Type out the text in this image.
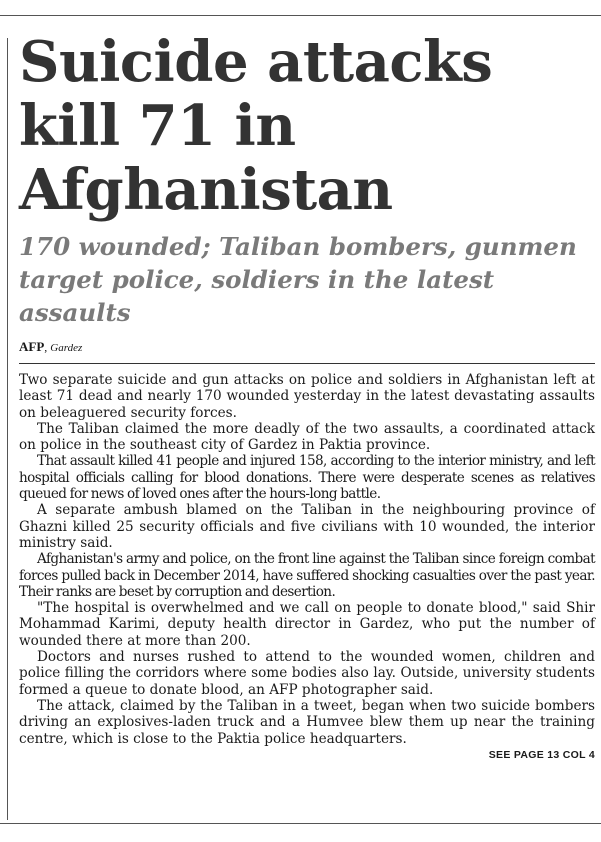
Suicide attacks kill 71 in Afghanistan
170 wounded; Taliban bombers, gunmen target police, soldiers in the latest assaults
AFP, Gardez

Two separate suicide and gun attacks on police and soldiers in Afghanistan left at least 71 dead and nearly 170 wounded yesterday in the latest devastating assaults on beleaguered security forces.

The Taliban claimed the more deadly of the two assaults, a coordinated attack on police in the southeast city of Gardez in Paktia province.

That assault killed 41 people and injured 158, according to the interior ministry, and left hospital officials calling for blood donations. There were desperate scenes as relatives queued for news of loved ones after the hours-long battle.

A separate ambush blamed on the Taliban in the neighbouring province of Ghazni killed 25 security officials and five civilians with 10 wounded, the interior ministry said.

Afghanistan's army and police, on the front line against the Taliban since foreign combat forces pulled back in December 2014, have suffered shocking casualties over the past year. Their ranks are beset by corruption and desertion.

"The hospital is overwhelmed and we call on people to donate blood," said Shir Mohammad Karimi, deputy health director in Gardez, who put the number of wounded there at more than 200.

Doctors and nurses rushed to attend to the wounded women, children and police filling the corridors where some bodies also lay. Outside, university students formed a queue to donate blood, an AFP photographer said.

The attack, claimed by the Taliban in a tweet, began when two suicide bombers driving an explosives-laden truck and a Humvee blew them up near the training centre, which is close to the Paktia police headquarters.

SEE PAGE 13 COL 4
